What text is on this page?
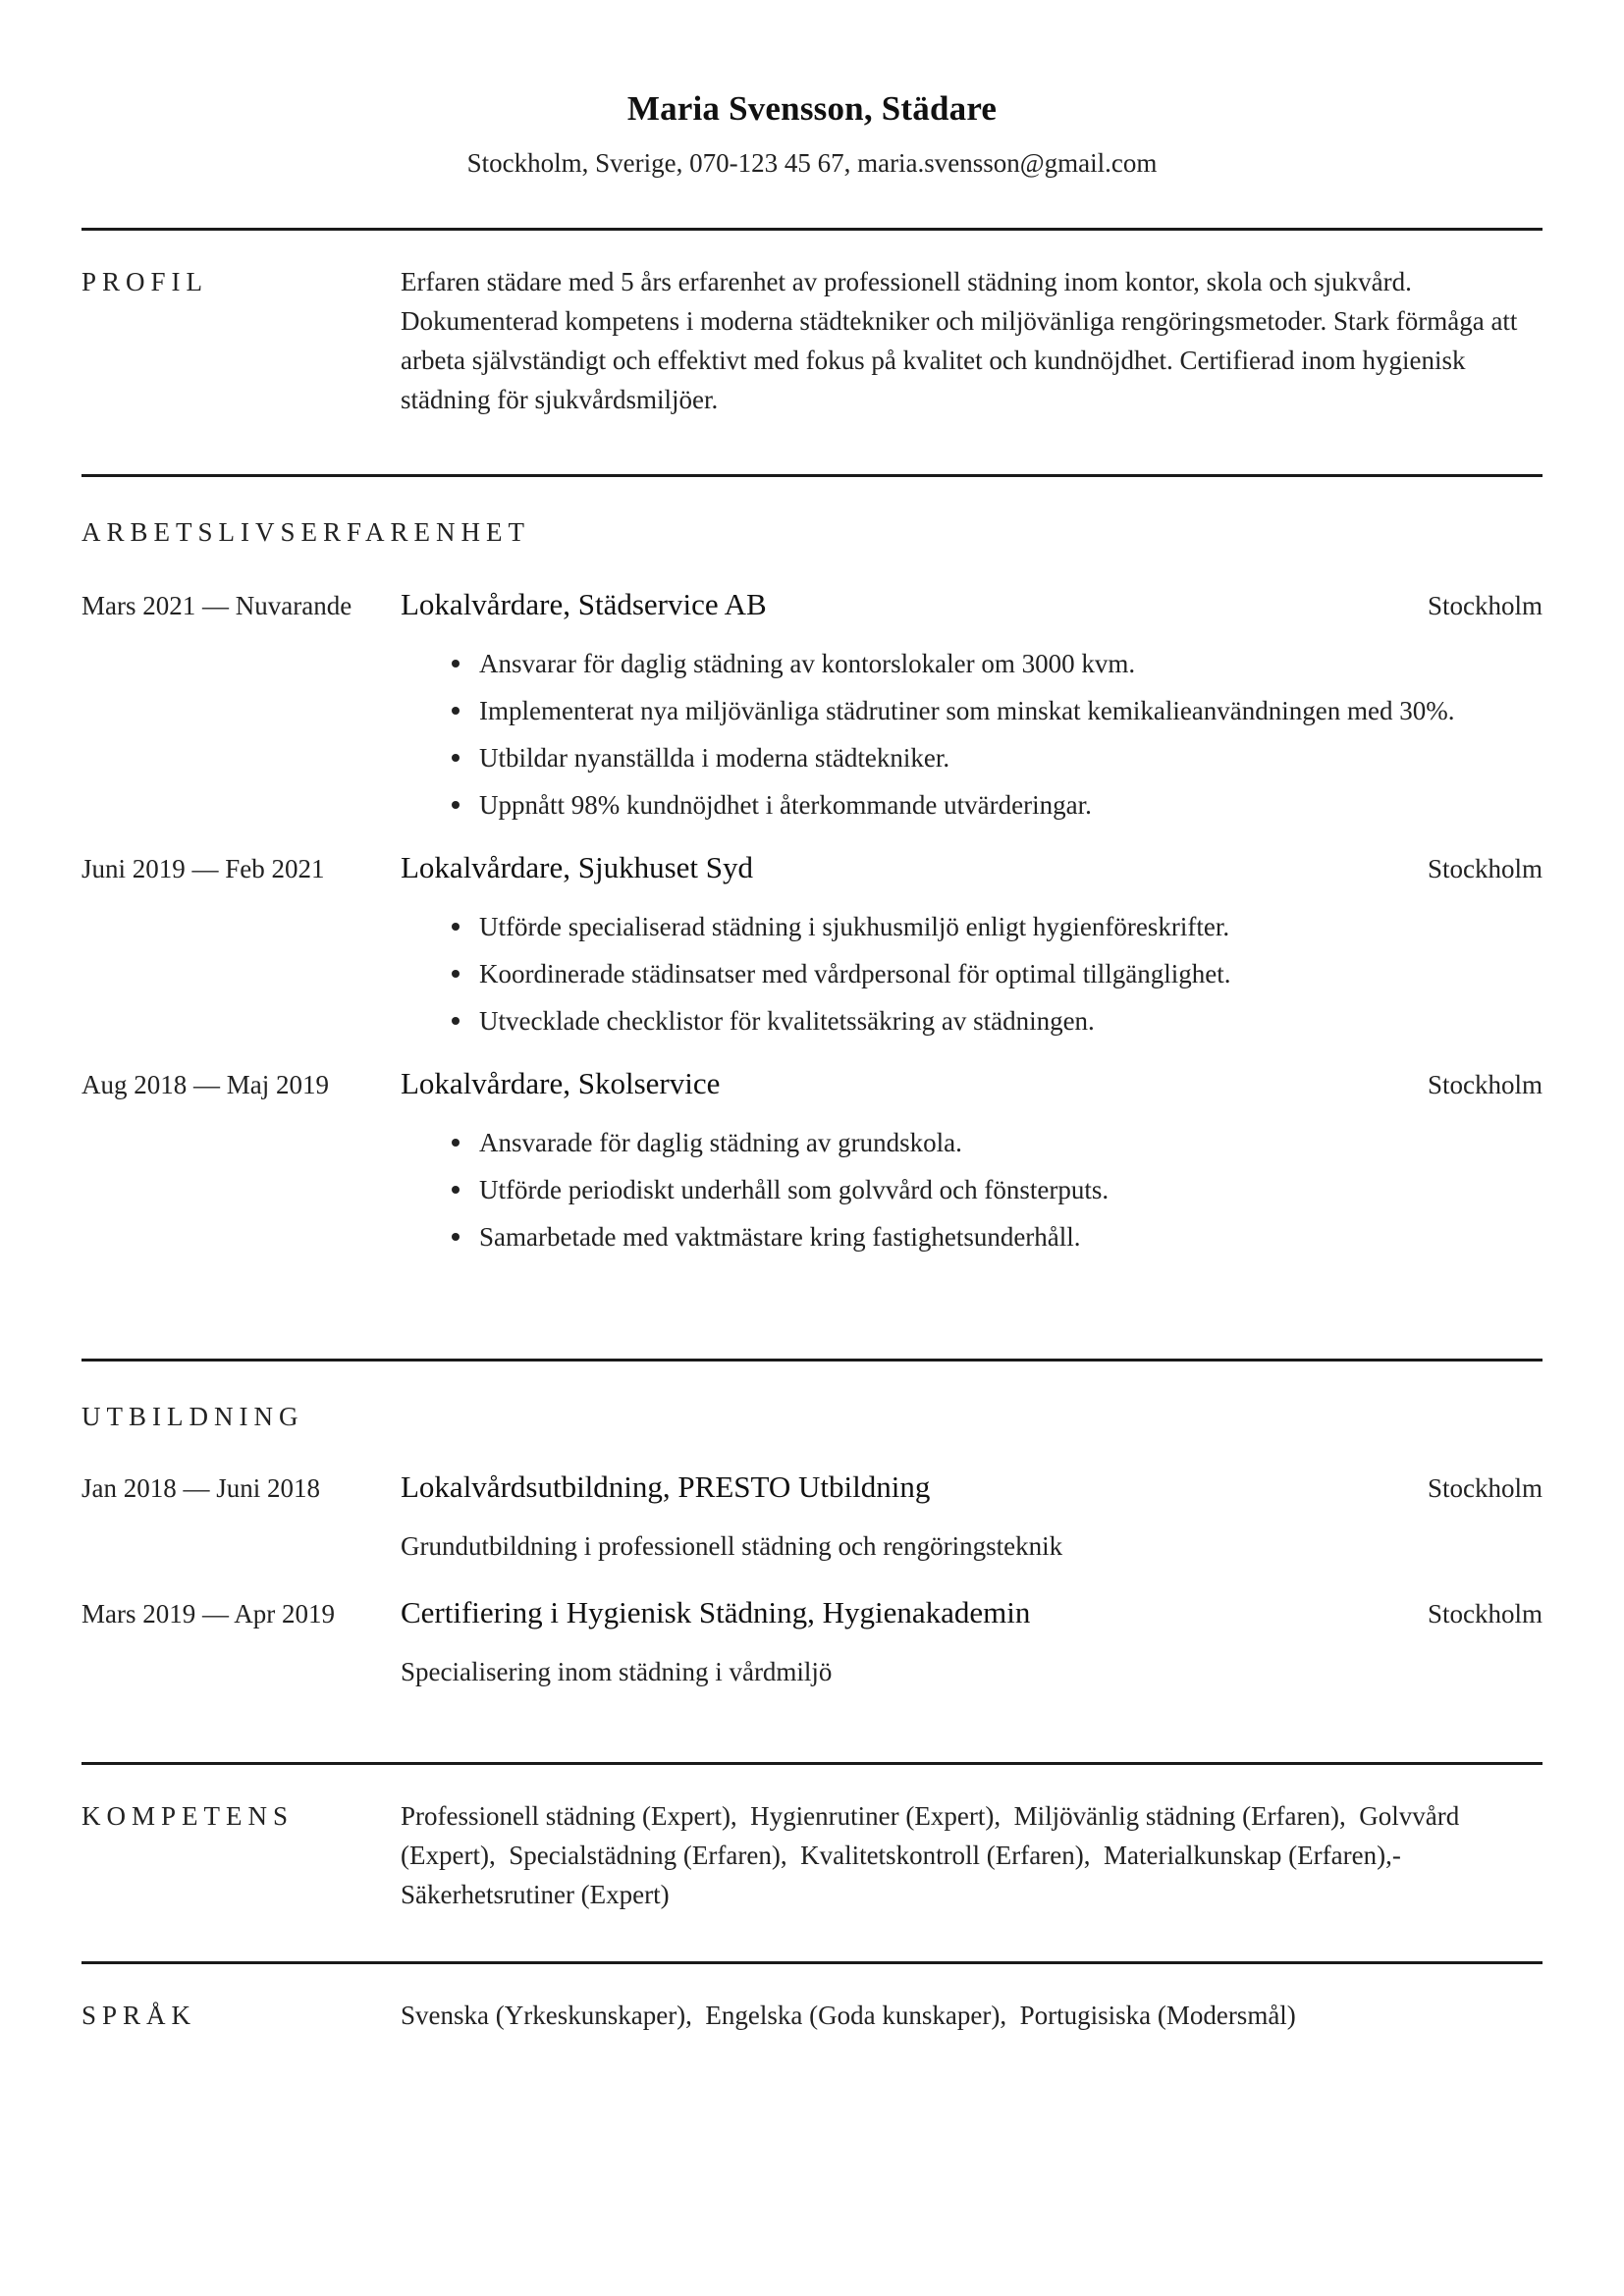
Maria Svensson, Städare
Stockholm, Sverige, 070-123 45 67, maria.svensson@gmail.com
PROFIL	Erfaren städare med 5 års erfarenhet av professionell städning inom kontor, skola och sjukvård. Dokumenterad kompetens i moderna städtekniker och miljövänliga rengöringsmetoder. Stark förmåga att arbeta självständigt och effektivt med fokus på kvalitet och kundnöjdhet. Certifierad inom hygienisk städning för sjukvårdsmiljöer.

ARBETSLIVSERFARENHET
Mars 2021 — Nuvarande	Lokalvårdare, Städservice AB	Stockholm
Ansvarar för daglig städning av kontorslokaler om 3000 kvm.
Implementerat nya miljövänliga städrutiner som minskat kemikalieanvändningen med 30%.
Utbildar nyanställda i moderna städtekniker.
Uppnått 98% kundnöjdhet i återkommande utvärderingar.
Juni 2019 — Feb 2021	Lokalvårdare, Sjukhuset Syd	Stockholm
Utförde specialiserad städning i sjukhusmiljö enligt hygienföreskrifter.
Koordinerade städinsatser med vårdpersonal för optimal tillgänglighet.
Utvecklade checklistor för kvalitetssäkring av städningen.
Aug 2018 — Maj 2019	Lokalvårdare, Skolservice	Stockholm
Ansvarade för daglig städning av grundskola.
Utförde periodiskt underhåll som golvvård och fönsterputs.
Samarbetade med vaktmästare kring fastighetsunderhåll.
UTBILDNING
Jan 2018 — Juni 2018	Lokalvårdsutbildning, PRESTO Utbildning	Stockholm
Grundutbildning i professionell städning och rengöringsteknik
Mars 2019 — Apr 2019	Certifiering i Hygienisk Städning, Hygienakademin	Stockholm
Specialisering inom städning i vårdmiljö
KOMPETENS	Professionell städning (Expert),  Hygienrutiner (Expert),  Miljövänlig städning (Erfaren),  Golvvård (Expert),  Specialstädning (Erfaren),  Kvalitetskontroll (Erfaren),  Materialkunskap (Erfaren),- Säkerhetsrutiner (Expert)

SPRÅK	Svenska (Yrkeskunskaper),  Engelska (Goda kunskaper),  Portugisiska (Modersmål)
